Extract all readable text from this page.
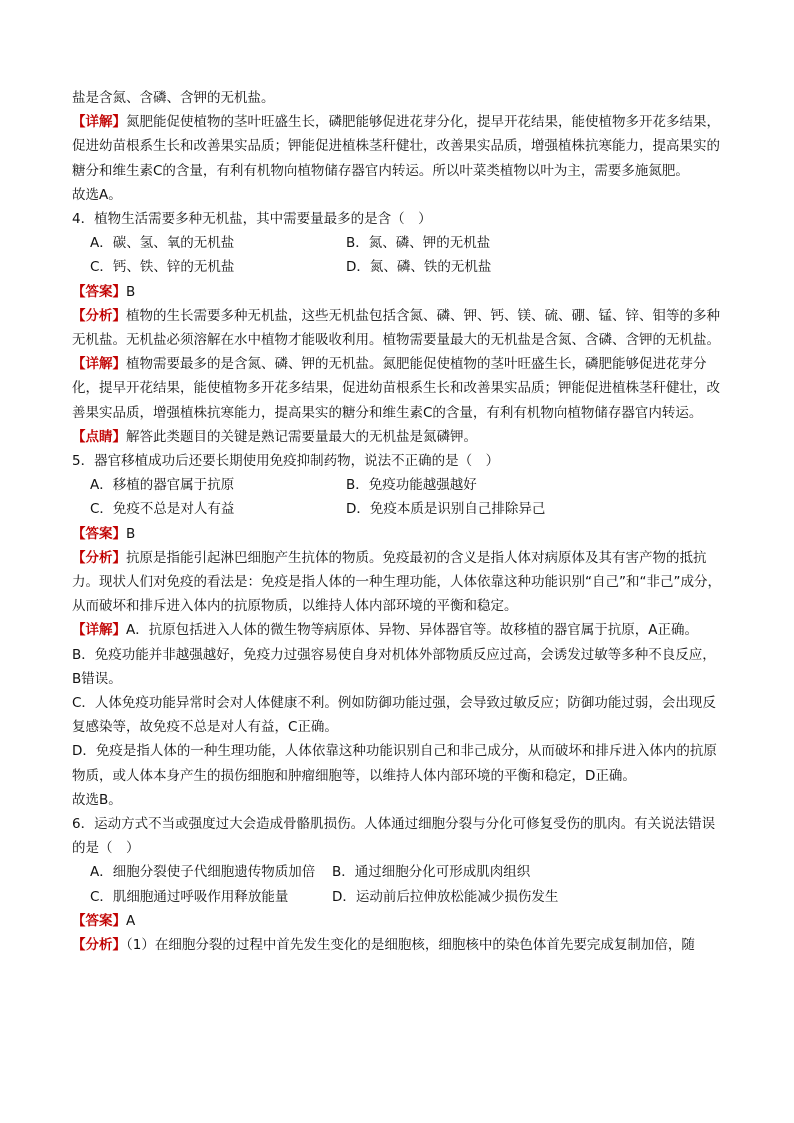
盐是含氮、含磷、含钾的无机盐。
【详解】氮肥能促使植物的茎叶旺盛生长，磷肥能够促进花芽分化，提早开花结果，能使植物多开花多结果，促进幼苗根系生长和改善果实品质；钾能促进植株茎秆健壮，改善果实品质，增强植株抗寒能力，提高果实的糖分和维生素C的含量，有利有机物向植物储存器官内转运。所以叶菜类植物以叶为主，需要多施氮肥。
故选A。
4．植物生活需要多种无机盐，其中需要量最多的是含（　）
A．碳、氢、氧的无机盐	B．氮、磷、钾的无机盐
C．钙、铁、锌的无机盐	D．氮、磷、铁的无机盐
【答案】B
【分析】植物的生长需要多种无机盐，这些无机盐包括含氮、磷、钾、钙、镁、硫、硼、锰、锌、钼等的多种无机盐。无机盐必须溶解在水中植物才能吸收利用。植物需要量最大的无机盐是含氮、含磷、含钾的无机盐。
【详解】植物需要最多的是含氮、磷、钾的无机盐。氮肥能促使植物的茎叶旺盛生长，磷肥能够促进花芽分化，提早开花结果，能使植物多开花多结果，促进幼苗根系生长和改善果实品质；钾能促进植株茎秆健壮，改善果实品质，增强植株抗寒能力，提高果实的糖分和维生素C的含量，有利有机物向植物储存器官内转运。
【点睛】解答此类题目的关键是熟记需要量最大的无机盐是氮磷钾。
5．器官移植成功后还要长期使用免疫抑制药物，说法不正确的是（　）
A．移植的器官属于抗原	B．免疫功能越强越好
C．免疫不总是对人有益	D．免疫本质是识别自己排除异己
【答案】B
【分析】抗原是指能引起淋巴细胞产生抗体的物质。免疫最初的含义是指人体对病原体及其有害产物的抵抗力。现状人们对免疫的看法是：免疫是指人体的一种生理功能，人体依靠这种功能识别“自己”和“非己”成分，从而破坏和排斥进入体内的抗原物质，以维持人体内部环境的平衡和稳定。
【详解】A．抗原包括进入人体的微生物等病原体、异物、异体器官等。故移植的器官属于抗原，A正确。
B．免疫功能并非越强越好，免疫力过强容易使自身对机体外部物质反应过高，会诱发过敏等多种不良反应，B错误。
C．人体免疫功能异常时会对人体健康不利。例如防御功能过强，会导致过敏反应；防御功能过弱，会出现反复感染等，故免疫不总是对人有益，C正确。
D．免疫是指人体的一种生理功能，人体依靠这种功能识别自己和非己成分，从而破坏和排斥进入体内的抗原物质，或人体本身产生的损伤细胞和肿瘤细胞等，以维持人体内部环境的平衡和稳定，D正确。
故选B。
6．运动方式不当或强度过大会造成骨骼肌损伤。人体通过细胞分裂与分化可修复受伤的肌肉。有关说法错误的是（　）
A．细胞分裂使子代细胞遗传物质加倍 B．通过细胞分化可形成肌肉组织
C．肌细胞通过呼吸作用释放能量	D．运动前后拉伸放松能减少损伤发生
【答案】A
【分析】（1）在细胞分裂的过程中首先发生变化的是细胞核，细胞核中的染色体首先要完成复制加倍，随
